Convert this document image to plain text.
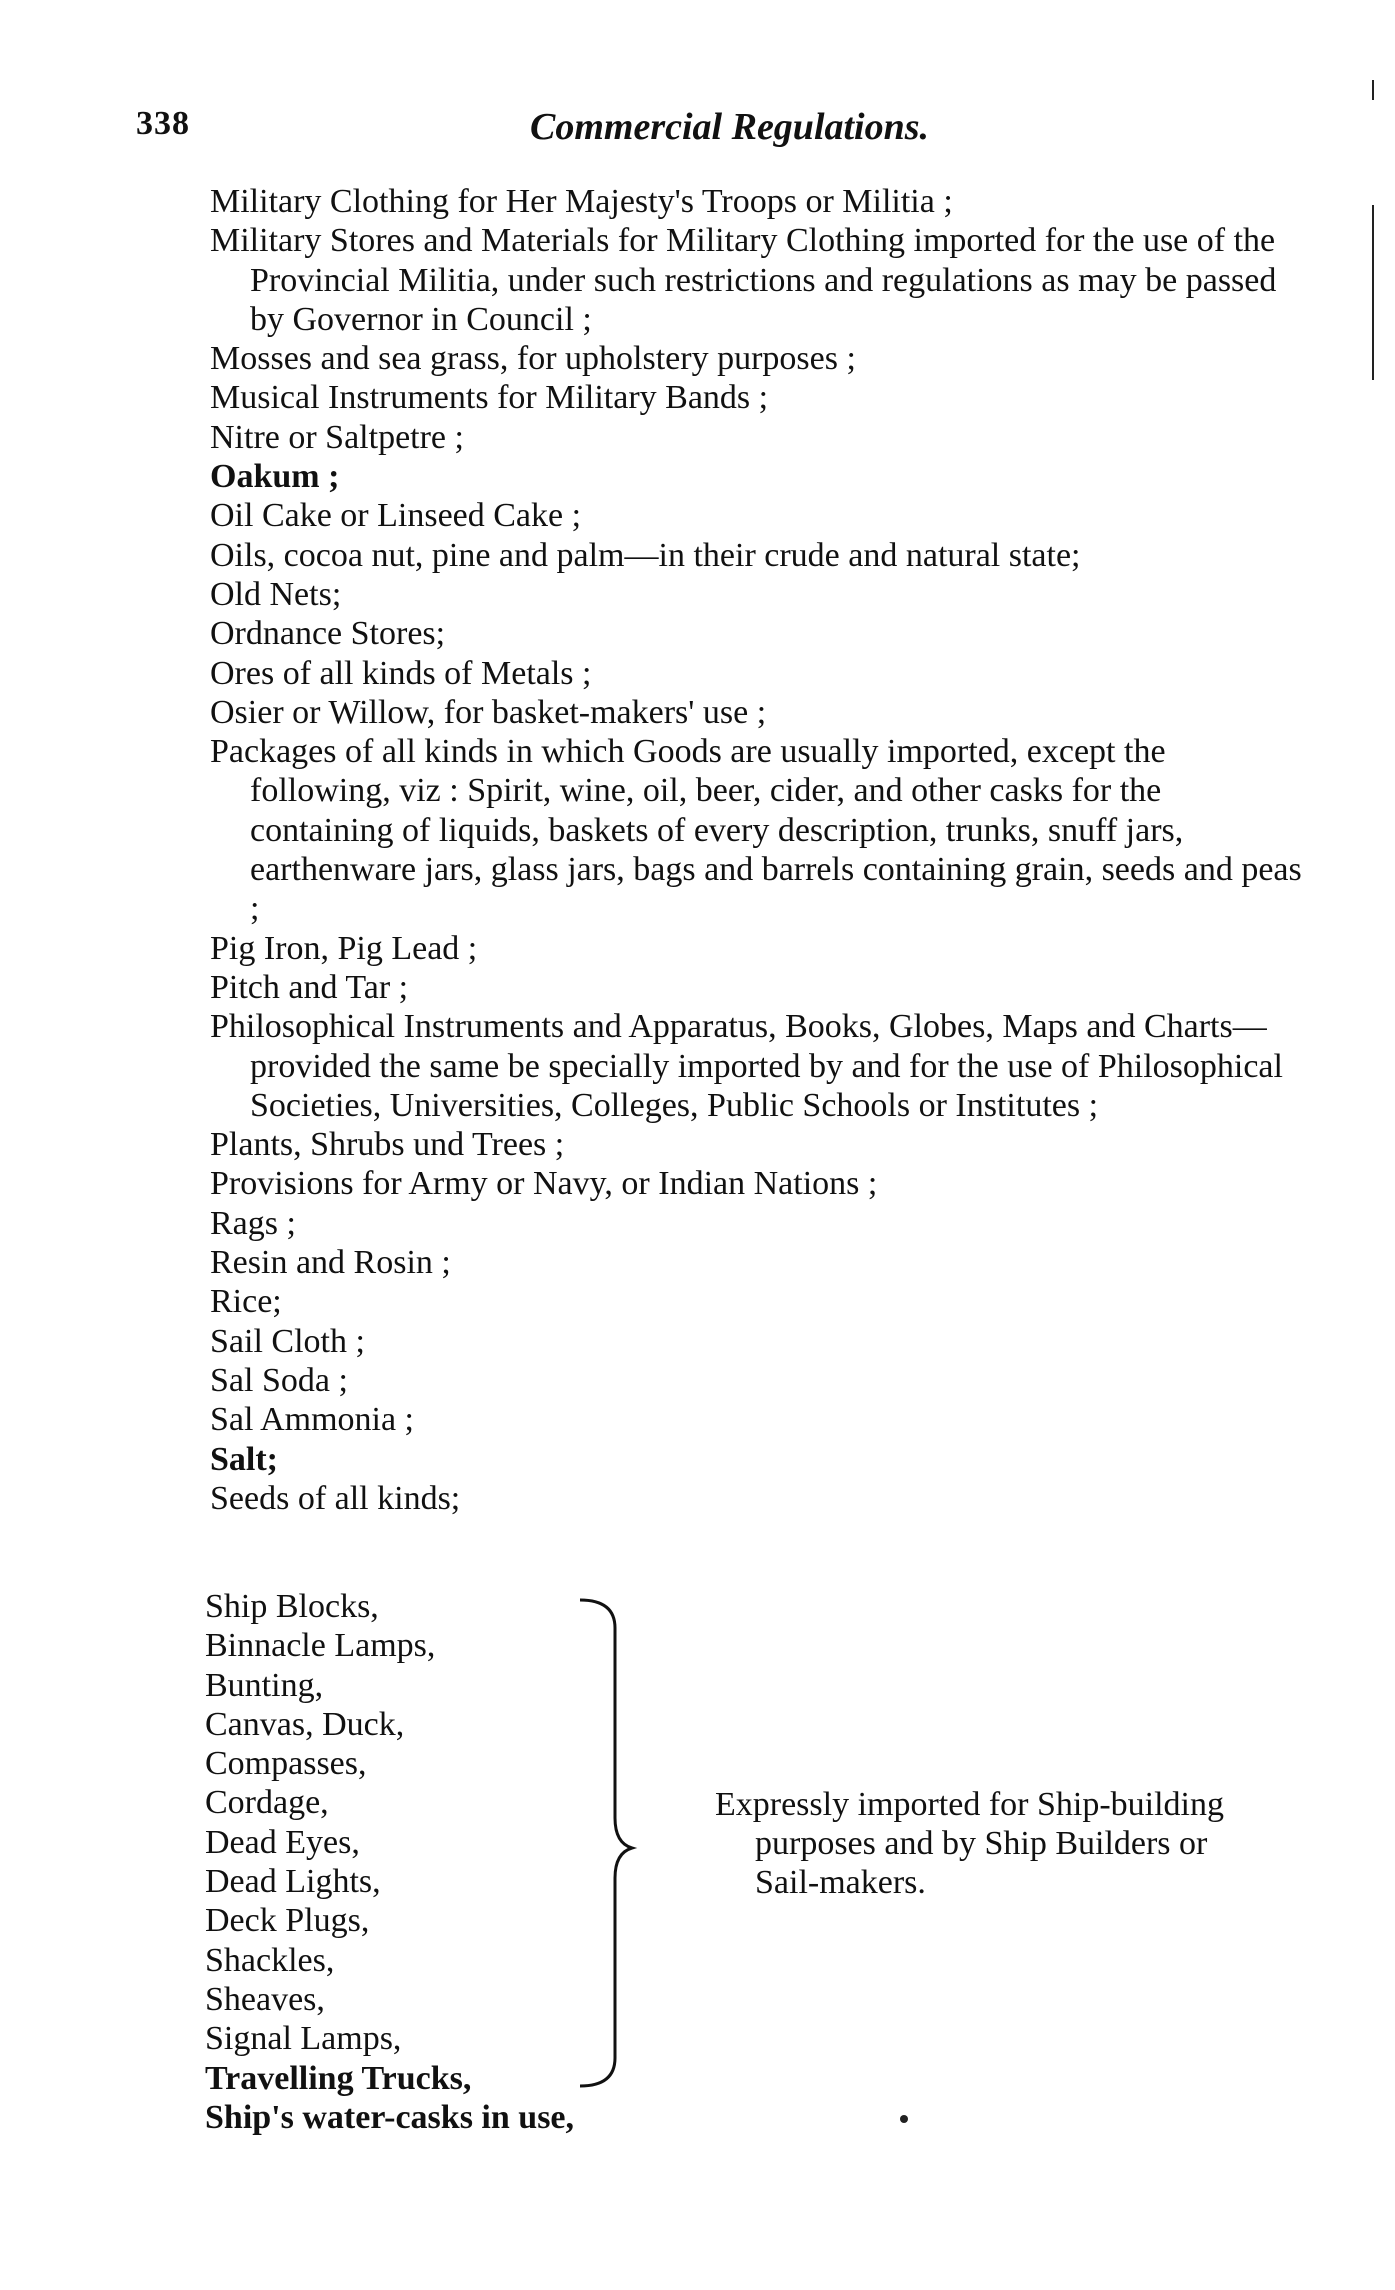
338	Commercial Regulations.
Military Clothing for Her Majesty's Troops or Militia ;
Military Stores and Materials for Military Clothing imported for the use of the Provincial Militia, under such restrictions and regulations as may be passed by Governor in Council ;
Mosses and sea grass, for upholstery purposes ;
Musical Instruments for Military Bands ;
Nitre or Saltpetre ;
Oakum ;
Oil Cake or Linseed Cake ;
Oils, cocoa nut, pine and palm—in their crude and natural state;
Old Nets;
Ordnance Stores;
Ores of all kinds of Metals ;
Osier or Willow, for basket-makers' use ;
Packages of all kinds in which Goods are usually imported, except the following, viz : Spirit, wine, oil, beer, cider, and other casks for the containing of liquids, baskets of every description, trunks, snuff jars, earthenware jars, glass jars, bags and barrels containing grain, seeds and peas ;
Pig Iron, Pig Lead ;
Pitch and Tar ;
Philosophical Instruments and Apparatus, Books, Globes, Maps and Charts—provided the same be specially imported by and for the use of Philosophical Societies, Universities, Colleges, Public Schools or Institutes ;
Plants, Shrubs und Trees ;
Provisions for Army or Navy, or Indian Nations ;
Rags ;
Resin and Rosin ;
Rice;
Sail Cloth ;
Sal Soda ;
Sal Ammonia ;
Salt;
Seeds of all kinds;
Ship Blocks,
Binnacle Lamps,
Bunting,
Canvas, Duck,
Compasses,
Cordage,
Dead Eyes,
Dead Lights,
Deck Plugs,
Shackles,
Sheaves,
Signal Lamps,
Travelling Trucks,
Ship's water-casks in use,
Expressly imported for Ship-building
purposes and by Ship Builders or
Sail-makers.
